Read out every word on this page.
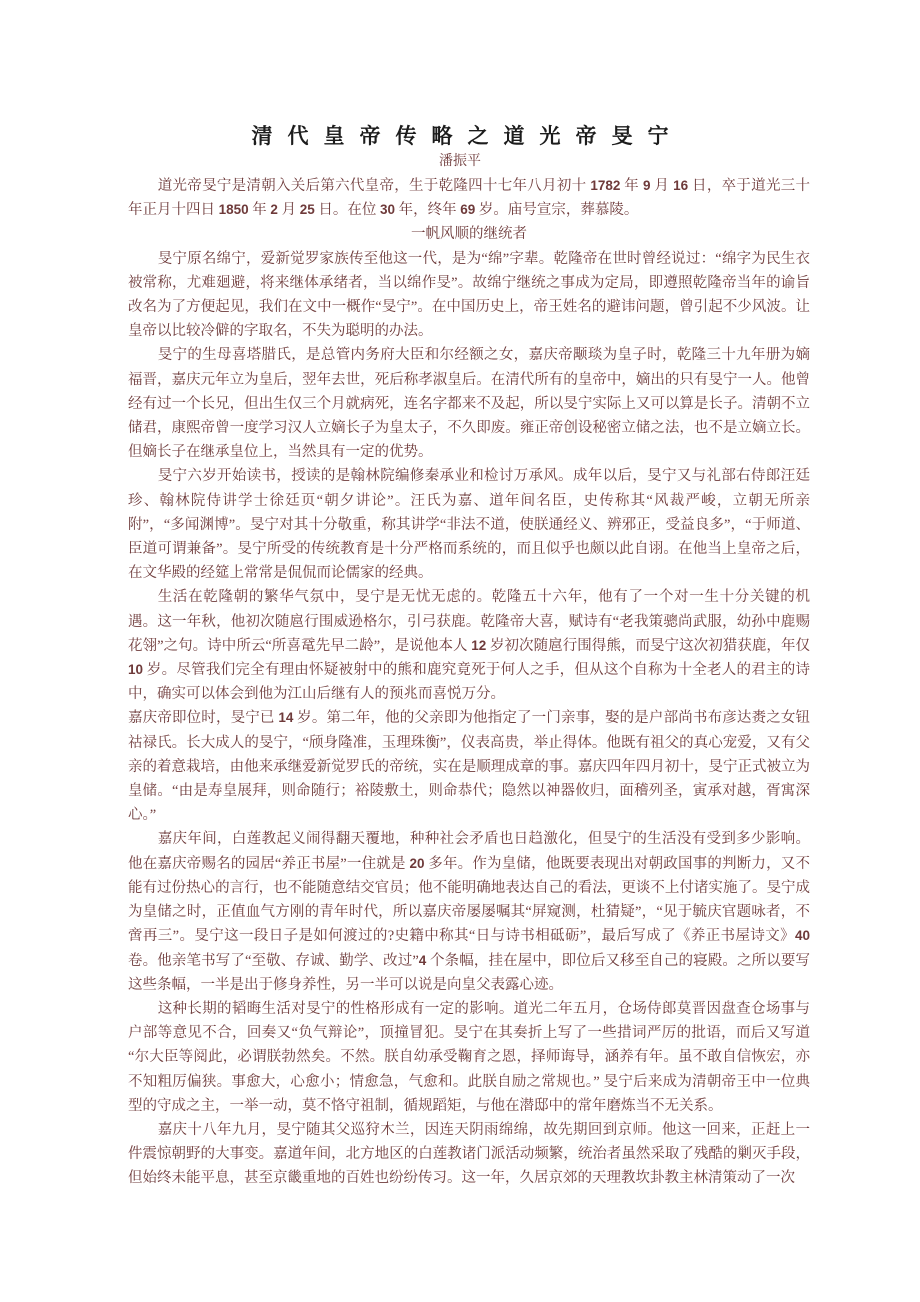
清代皇帝传略之道光帝旻宁
潘振平

道光帝旻宁是清朝入关后第六代皇帝，生于乾隆四十七年八月初十 1782 年 9 月 16 日，卒于道光三十年正月十四日 1850 年 2 月 25 日。在位 30 年，终年 69 岁。庙号宣宗，葬慕陵。

一帆风顺的继统者

旻宁原名绵宁，爱新觉罗家族传至他这一代，是为“绵”字辈。乾隆帝在世时曾经说过：“绵字为民生衣被常称，尤难廻避，将来继体承绪者，当以绵作旻”。故绵宁继统之事成为定局，即遵照乾隆帝当年的谕旨改名为了方便起见，我们在文中一概作“旻宁”。在中国历史上，帝王姓名的避讳问题，曾引起不少风波。让皇帝以比较冷僻的字取名，不失为聪明的办法。

旻宁的生母喜塔腊氏，是总管内务府大臣和尔经额之女，嘉庆帝颙琰为皇子时，乾隆三十九年册为嫡福晋，嘉庆元年立为皇后，翌年去世，死后称孝淑皇后。在清代所有的皇帝中，嫡出的只有旻宁一人。他曾经有过一个长兄，但出生仅三个月就病死，连名字都来不及起，所以旻宁实际上又可以算是长子。清朝不立储君，康熙帝曾一度学习汉人立嫡长子为皇太子，不久即废。雍正帝创设秘密立储之法，也不是立嫡立长。但嫡长子在继承皇位上，当然具有一定的优势。

旻宁六岁开始读书，授读的是翰林院编修秦承业和检讨万承风。成年以后，旻宁又与礼部右侍郎汪廷珍、翰林院侍讲学士徐廷页“朝夕讲论”。汪氏为嘉、道年间名臣，史传称其“风裁严峻，立朝无所亲附”，“多闻渊博”。旻宁对其十分敬重，称其讲学“非法不道，使朕通经义、辨邪正，受益良多”，“于师道、臣道可谓兼备”。旻宁所受的传统教育是十分严格而系统的，而且似乎也颇以此自诩。在他当上皇帝之后，在文华殿的经筵上常常是侃侃而论儒家的经典。

生活在乾隆朝的繁华气氛中，旻宁是无忧无虑的。乾隆五十六年，他有了一个对一生十分关键的机遇。这一年秋，他初次随扈行围威逊格尔，引弓获鹿。乾隆帝大喜，赋诗有“老我策骢尚武服，幼孙中鹿赐花翎”之句。诗中所云“所喜鼋先早二龄”，是说他本人 12 岁初次随扈行围得熊，而旻宁这次初猎获鹿，年仅 10 岁。尽管我们完全有理由怀疑被射中的熊和鹿究竟死于何人之手，但从这个自称为十全老人的君主的诗中，确实可以体会到他为江山后继有人的预兆而喜悦万分。

嘉庆帝即位时，旻宁已 14 岁。第二年，他的父亲即为他指定了一门亲事，娶的是户部尚书布彦达赉之女钮祜禄氏。长大成人的旻宁，“颀身隆准，玉理珠衡”，仪表高贵，举止得体。他既有祖父的真心宠爱，又有父亲的着意栽培，由他来承继爱新觉罗氏的帝统，实在是顺理成章的事。嘉庆四年四月初十，旻宁正式被立为皇储。“由是寿皇展拜，则命随行；裕陵敷土，则命恭代；隐然以神器攸归，面稽列圣，寅承对越，胥寓深心。”

嘉庆年间，白莲教起义闹得翻天覆地，种种社会矛盾也日趋激化，但旻宁的生活没有受到多少影响。他在嘉庆帝赐名的园居“养正书屋”一住就是 20 多年。作为皇储，他既要表现出对朝政国事的判断力，又不能有过份热心的言行，也不能随意结交官员；他不能明确地表达自己的看法，更谈不上付诸实施了。旻宁成为皇储之时，正值血气方刚的青年时代，所以嘉庆帝屡屡嘱其“屏窥测，杜猜疑”，“见于毓庆官题咏者，不啻再三”。旻宁这一段日子是如何渡过的?史籍中称其“日与诗书相砥砺”，最后写成了《养正书屋诗文》40 卷。他亲笔书写了“至敬、存诚、勤学、改过”4 个条幅，挂在屋中，即位后又移至自己的寝殿。之所以要写这些条幅，一半是出于修身养性，另一半可以说是向皇父表露心迹。

这种长期的韬晦生活对旻宁的性格形成有一定的影响。道光二年五月，仓场侍郎莫晋因盘查仓场事与户部等意见不合，回奏又“负气辩论”，顶撞冒犯。旻宁在其奏折上写了一些措词严厉的批语，而后又写道 “尔大臣等阅此，必谓朕勃然矣。不然。朕自幼承受鞠育之恩，择师诲导，涵养有年。虽不敢自信恢宏，亦不知粗厉偏狭。事愈大，心愈小；情愈急，气愈和。此朕自励之常规也。” 旻宁后来成为清朝帝王中一位典型的守成之主，一举一动，莫不恪守祖制，循规蹈矩，与他在潜邸中的常年磨炼当不无关系。

嘉庆十八年九月，旻宁随其父巡狩木兰，因连天阴雨绵绵，故先期回到京师。他这一回来，正赶上一件震惊朝野的大事变。嘉道年间，北方地区的白莲教诸门派活动频繁，统治者虽然采取了残酷的剿灭手段，但始终未能平息，甚至京畿重地的百姓也纷纷传习。这一年，久居京郊的天理教坎卦教主林清策动了一次
